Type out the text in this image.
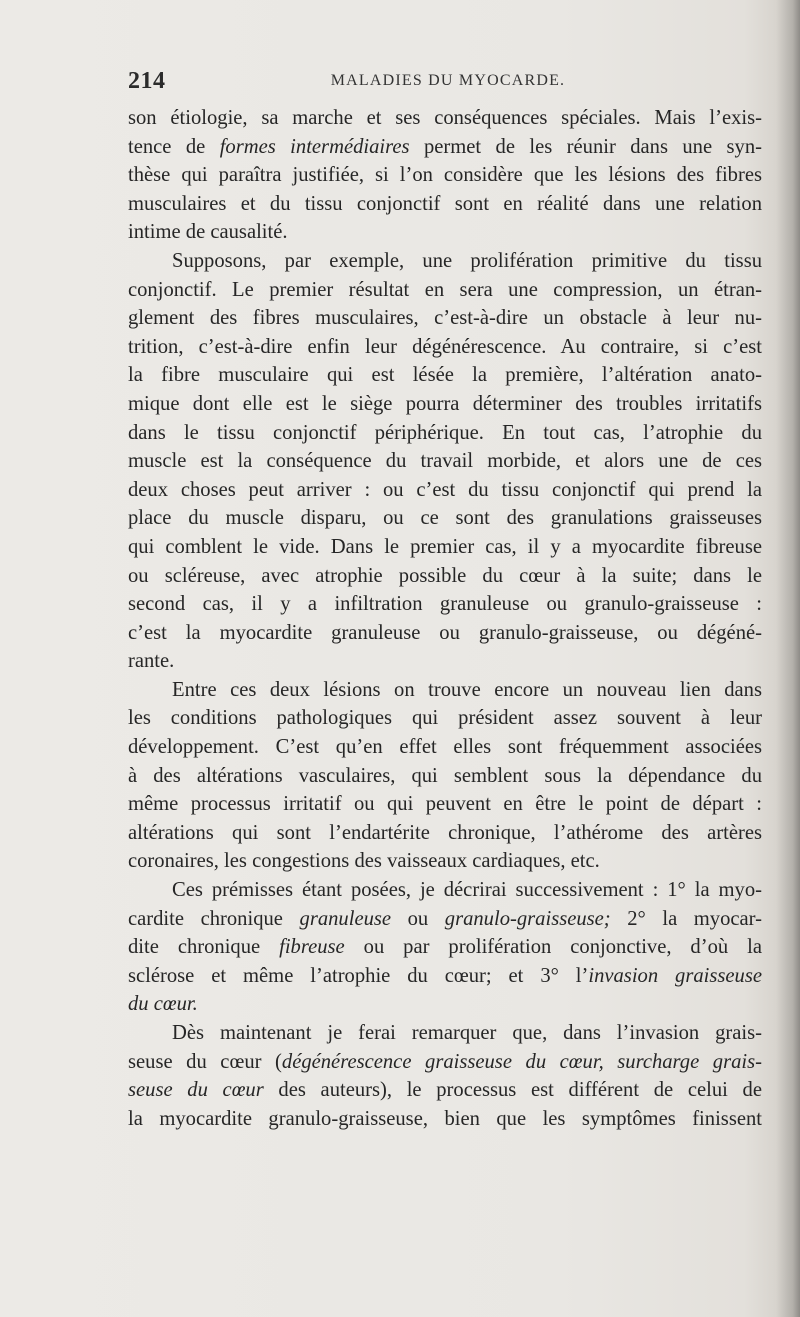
214	MALADIES DU MYOCARDE.
son étiologie, sa marche et ses conséquences spéciales. Mais l’exis-
tence de formes intermédiaires permet de les réunir dans une syn-
thèse qui paraîtra justifiée, si l’on considère que les lésions des fibres
musculaires et du tissu conjonctif sont en réalité dans une relation
intime de causalité.
Supposons, par exemple, une prolifération primitive du tissu
conjonctif. Le premier résultat en sera une compression, un étran-
glement des fibres musculaires, c’est-à-dire un obstacle à leur nu-
trition, c’est-à-dire enfin leur dégénérescence. Au contraire, si c’est
la fibre musculaire qui est lésée la première, l’altération anato-
mique dont elle est le siège pourra déterminer des troubles irritatifs
dans le tissu conjonctif périphérique. En tout cas, l’atrophie du
muscle est la conséquence du travail morbide, et alors une de ces
deux choses peut arriver : ou c’est du tissu conjonctif qui prend la
place du muscle disparu, ou ce sont des granulations graisseuses
qui comblent le vide. Dans le premier cas, il y a myocardite fibreuse
ou scléreuse, avec atrophie possible du cœur à la suite; dans le
second cas, il y a infiltration granuleuse ou granulo-graisseuse :
c’est la myocardite granuleuse ou granulo-graisseuse, ou dégéné-
rante.
Entre ces deux lésions on trouve encore un nouveau lien dans
les conditions pathologiques qui président assez souvent à leur
développement. C’est qu’en effet elles sont fréquemment associées
à des altérations vasculaires, qui semblent sous la dépendance du
même processus irritatif ou qui peuvent en être le point de départ :
altérations qui sont l’endartérite chronique, l’athérome des artères
coronaires, les congestions des vaisseaux cardiaques, etc.
Ces prémisses étant posées, je décrirai successivement : 1° la myo-
cardite chronique granuleuse ou granulo-graisseuse; 2° la myocar-
dite chronique fibreuse ou par prolifération conjonctive, d’où la
sclérose et même l’atrophie du cœur; et 3° l’invasion graisseuse
du cœur.
Dès maintenant je ferai remarquer que, dans l’invasion grais-
seuse du cœur (dégénérescence graisseuse du cœur, surcharge grais-
seuse du cœur des auteurs), le processus est différent de celui de
la myocardite granulo-graisseuse, bien que les symptômes finissent
